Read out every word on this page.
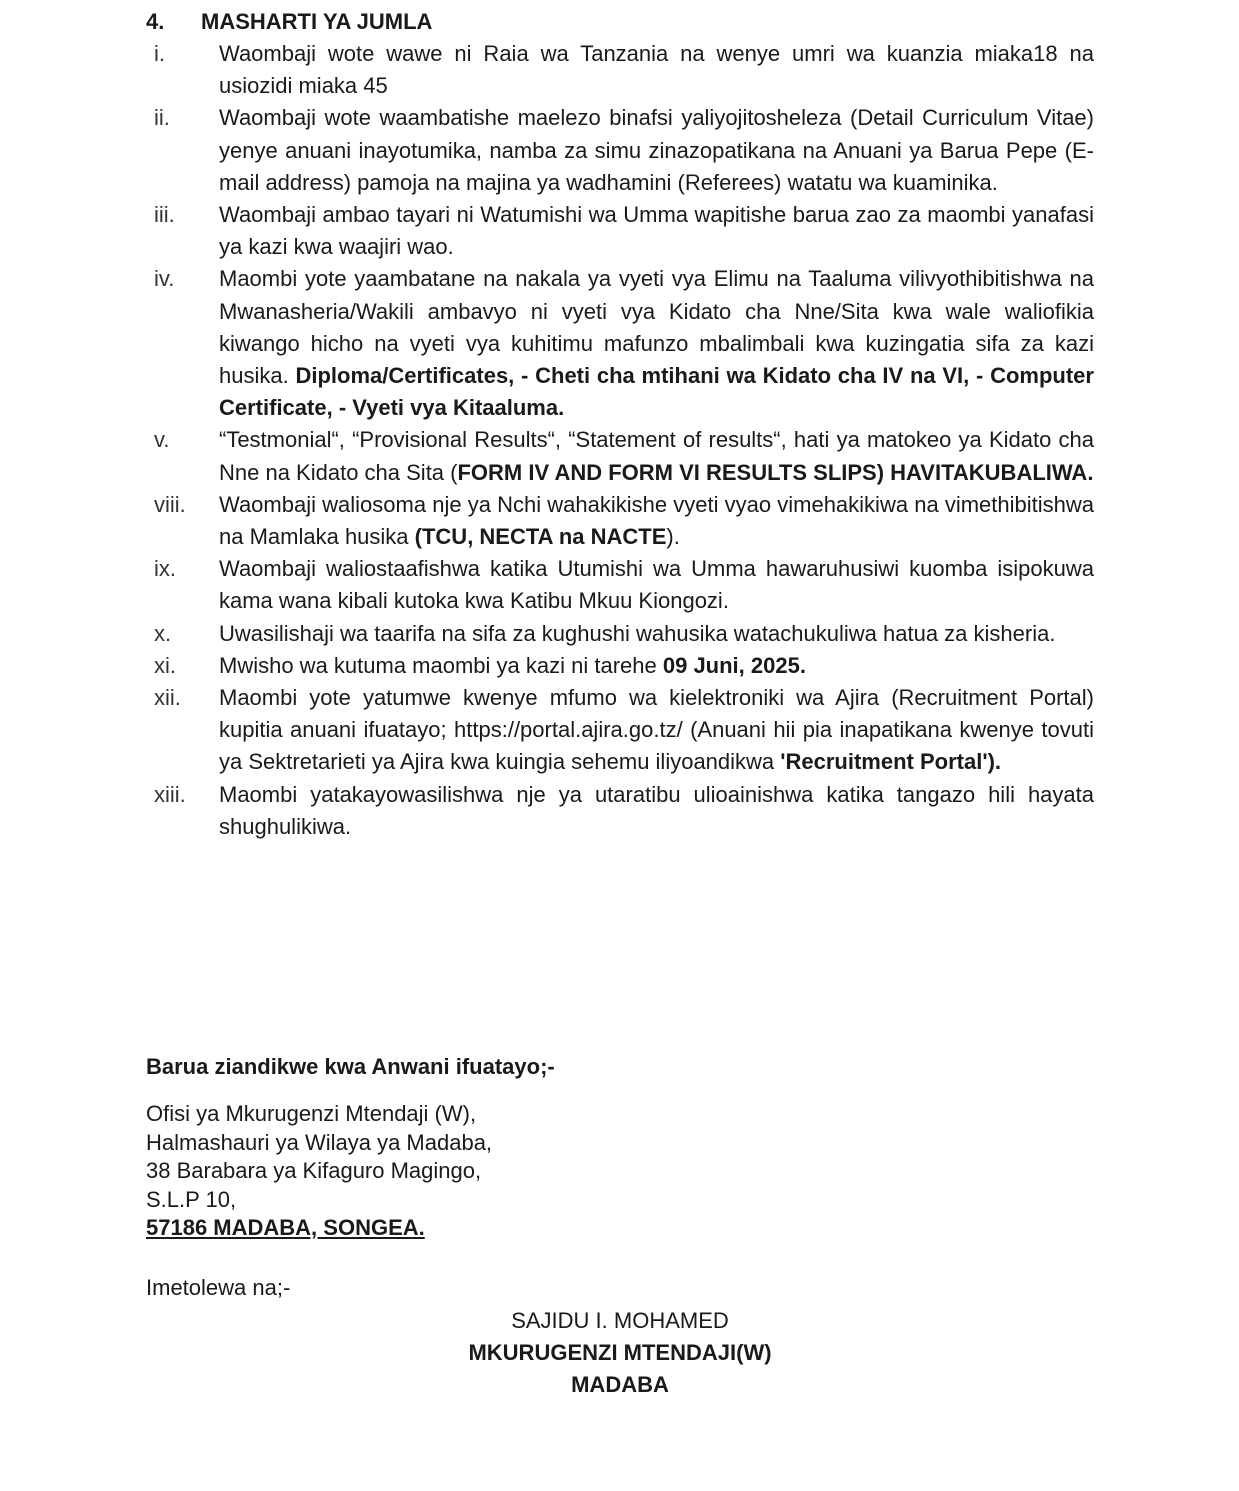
4. MASHARTI YA JUMLA
i.	Waombaji wote wawe ni Raia wa Tanzania na wenye umri wa kuanzia miaka18 na usiozidi miaka 45
ii.	Waombaji wote waambatishe maelezo binafsi yaliyojitosheleza (Detail Curriculum Vitae) yenye anuani inayotumika, namba za simu zinazopatikana na Anuani ya Barua Pepe (E-mail address) pamoja na majina ya wadhamini (Referees) watatu wa kuaminika.
iii.	Waombaji ambao tayari ni Watumishi wa Umma wapitishe barua zao za maombi yanafasi ya kazi kwa waajiri wao.
iv.	Maombi yote yaambatane na nakala ya vyeti vya Elimu na Taaluma vilivyothibitishwa na Mwanasheria/Wakili ambavyo ni vyeti vya Kidato cha Nne/Sita kwa wale waliofikia kiwango hicho na vyeti vya kuhitimu mafunzo mbalimbali kwa kuzingatia sifa za kazi husika. Diploma/Certificates, - Cheti cha mtihani wa Kidato cha IV na VI, - Computer Certificate, - Vyeti vya Kitaaluma.
v.	“Testmonial“, “Provisional Results“, “Statement of results“, hati ya matokeo ya Kidato cha Nne na Kidato cha Sita (FORM IV AND FORM VI RESULTS SLIPS) HAVITAKUBALIWA.
viii.	Waombaji waliosoma nje ya Nchi wahakikishe vyeti vyao vimehakikiwa na vimethibitishwa na Mamlaka husika (TCU, NECTA na NACTE).
ix.	Waombaji waliostaafishwa katika Utumishi wa Umma hawaruhusiwi kuomba isipokuwa kama wana kibali kutoka kwa Katibu Mkuu Kiongozi.
x.	Uwasilishaji wa taarifa na sifa za kughushi wahusika watachukuliwa hatua za kisheria.
xi.	Mwisho wa kutuma maombi ya kazi ni tarehe 09 Juni, 2025.
xii.	Maombi yote yatumwe kwenye mfumo wa kielektroniki wa Ajira (Recruitment Portal) kupitia anuani ifuatayo; https://portal.ajira.go.tz/ (Anuani hii pia inapatikana kwenye tovuti ya Sektretarieti ya Ajira kwa kuingia sehemu iliyoandikwa 'Recruitment Portal').
xiii.	Maombi yatakayowasilishwa nje ya utaratibu ulioainishwa katika tangazo hili hayata shughulikiwa.
Barua ziandikwe kwa Anwani ifuatayo;-
Ofisi ya Mkurugenzi Mtendaji (W),
Halmashauri ya Wilaya ya Madaba,
38 Barabara ya Kifaguro Magingo,
S.L.P 10,
57186 MADABA, SONGEA.
Imetolewa na;-
SAJIDU I. MOHAMED
MKURUGENZI MTENDAJI(W)
MADABA
